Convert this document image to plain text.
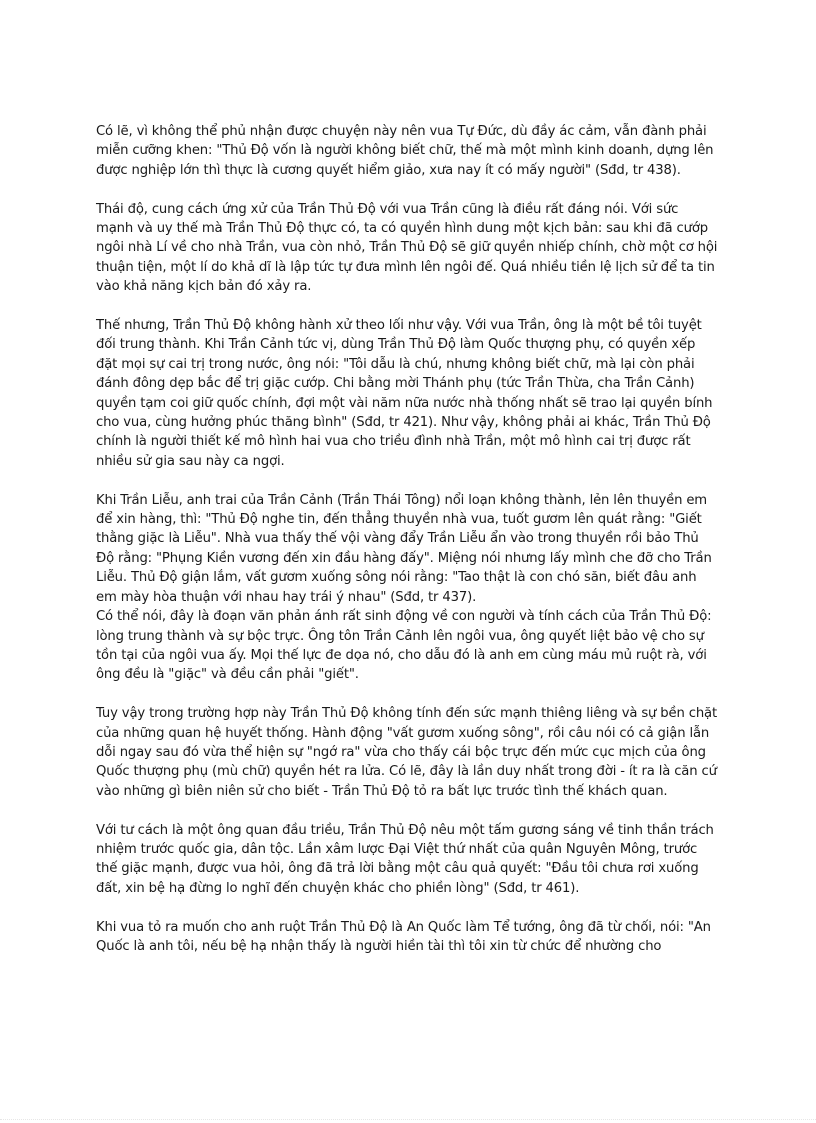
Có lẽ, vì không thể phủ nhận được chuyện này nên vua Tự Đức, dù đầy ác cảm, vẫn đành phải miễn cưỡng khen: "Thủ Độ vốn là người không biết chữ, thế mà một mình kinh doanh, dựng lên được nghiệp lớn thì thực là cương quyết hiểm giảo, xưa nay ít có mấy người" (Sđd, tr 438).

Thái độ, cung cách ứng xử của Trần Thủ Độ với vua Trần cũng là điều rất đáng nói. Với sức mạnh và uy thế mà Trần Thủ Độ thực có, ta có quyền hình dung một kịch bản: sau khi đã cướp ngôi nhà Lí về cho nhà Trần, vua còn nhỏ, Trần Thủ Độ sẽ giữ quyền nhiếp chính, chờ một cơ hội thuận tiện, một lí do khả dĩ là lập tức tự đưa mình lên ngôi đế. Quá nhiều tiền lệ lịch sử để ta tin vào khả năng kịch bản đó xảy ra.

Thế nhưng, Trần Thủ Độ không hành xử theo lối như vậy. Với vua Trần, ông là một bề tôi tuyệt đối trung thành. Khi Trần Cảnh tức vị, dùng Trần Thủ Độ làm Quốc thượng phụ, có quyền xếp đặt mọi sự cai trị trong nước, ông nói: "Tôi dẫu là chú, nhưng không biết chữ, mà lại còn phải đánh đông dẹp bắc để trị giặc cướp. Chi bằng mời Thánh phụ (tức Trần Thừa, cha Trần Cảnh) quyền tạm coi giữ quốc chính, đợi một vài năm nữa nước nhà thống nhất sẽ trao lại quyền bính cho vua, cùng hưởng phúc thăng bình" (Sđd, tr 421). Như vậy, không phải ai khác, Trần Thủ Độ chính là người thiết kế mô hình hai vua cho triều đình nhà Trần, một mô hình cai trị được rất nhiều sử gia sau này ca ngợi.

Khi Trần Liễu, anh trai của Trần Cảnh (Trần Thái Tông) nổi loạn không thành, lẻn lên thuyền em để xin hàng, thì: "Thủ Độ nghe tin, đến thẳng thuyền nhà vua, tuốt gươm lên quát rằng: "Giết thằng giặc là Liễu". Nhà vua thấy thế vội vàng đẩy Trần Liễu ẩn vào trong thuyền rồi bảo Thủ Độ rằng: "Phụng Kiền vương đến xin đầu hàng đấy". Miệng nói nhưng lấy mình che đỡ cho Trần Liễu. Thủ Độ giận lắm, vất gươm xuống sông nói rằng: "Tao thật là con chó săn, biết đâu anh em mày hòa thuận với nhau hay trái ý nhau" (Sđd, tr 437).

Có thể nói, đây là đoạn văn phản ánh rất sinh động về con người và tính cách của Trần Thủ Độ: lòng trung thành và sự bộc trực. Ông tôn Trần Cảnh lên ngôi vua, ông quyết liệt bảo vệ cho sự tồn tại của ngôi vua ấy. Mọi thế lực đe dọa nó, cho dẫu đó là anh em cùng máu mủ ruột rà, với ông đều là "giặc" và đều cần phải "giết".

Tuy vậy trong trường hợp này Trần Thủ Độ không tính đến sức mạnh thiêng liêng và sự bền chặt của những quan hệ huyết thống. Hành động "vất gươm xuống sông", rồi câu nói có cả giận lẫn dỗi ngay sau đó vừa thể hiện sự "ngớ ra" vừa cho thấy cái bộc trực đến mức cục mịch của ông Quốc thượng phụ (mù chữ) quyền hét ra lửa. Có lẽ, đây là lần duy nhất trong đời - ít ra là căn cứ vào những gì biên niên sử cho biết - Trần Thủ Độ tỏ ra bất lực trước tình thế khách quan.

Với tư cách là một ông quan đầu triều, Trần Thủ Độ nêu một tấm gương sáng về tinh thần trách nhiệm trước quốc gia, dân tộc. Lần xâm lược Đại Việt thứ nhất của quân Nguyên Mông, trước thế giặc mạnh, được vua hỏi, ông đã trả lời bằng một câu quả quyết: "Đầu tôi chưa rơi xuống đất, xin bệ hạ đừng lo nghĩ đến chuyện khác cho phiền lòng" (Sđd, tr 461).

Khi vua tỏ ra muốn cho anh ruột Trần Thủ Độ là An Quốc làm Tể tướng, ông đã từ chối, nói: "An Quốc là anh tôi, nếu bệ hạ nhận thấy là người hiền tài thì tôi xin từ chức để nhường cho
